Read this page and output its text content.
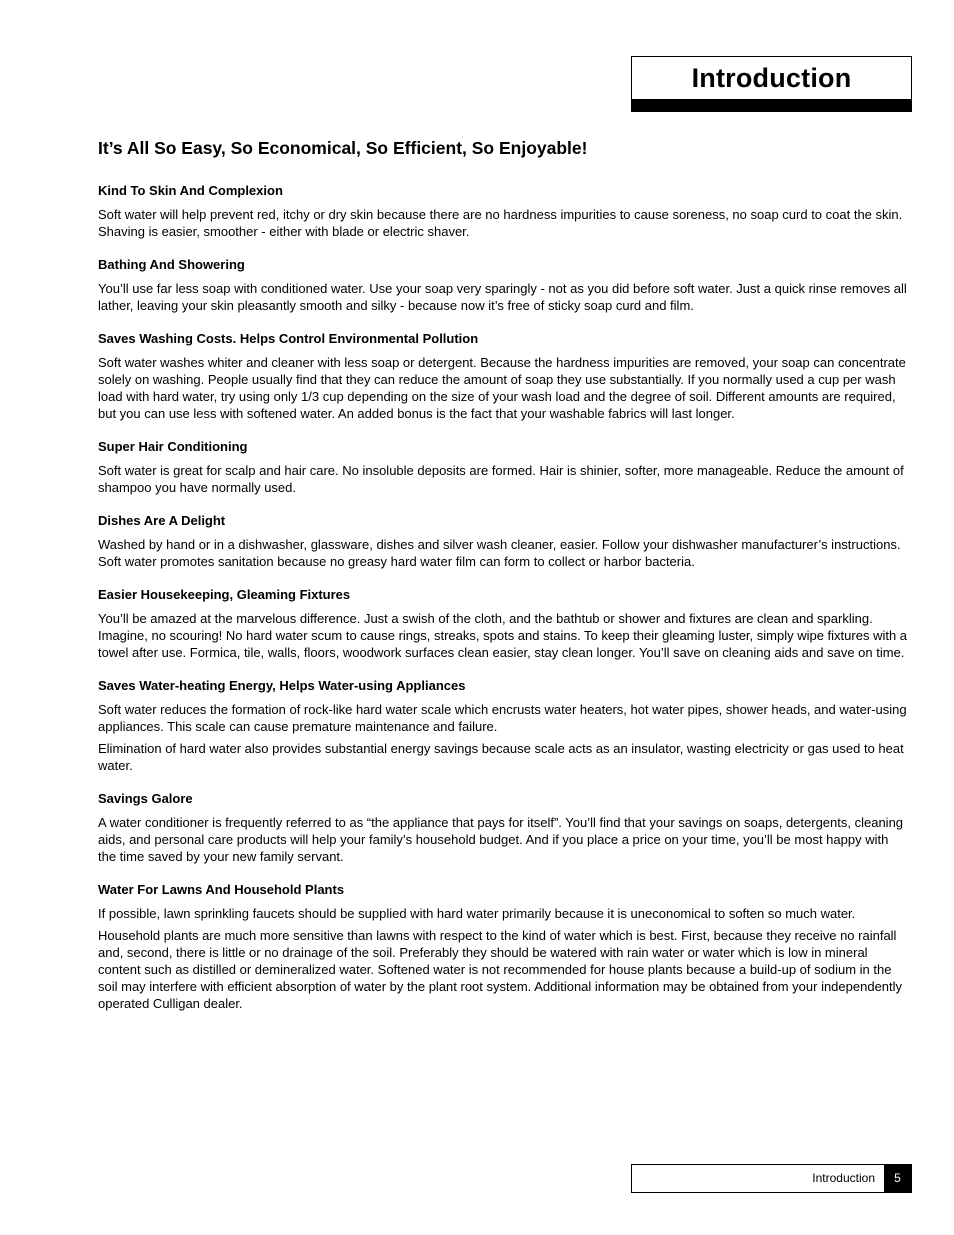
Introduction
It’s All So Easy, So Economical, So Efficient, So Enjoyable!
Kind To Skin And Complexion
Soft water will help prevent red, itchy or dry skin because there are no hardness impurities to cause soreness, no soap curd to coat the skin. Shaving is easier, smoother - either with blade or electric shaver.
Bathing And Showering
You’ll use far less soap with conditioned water. Use your soap very sparingly - not as you did before soft water. Just a quick rinse removes all lather, leaving your skin pleasantly smooth and silky - because now it’s free of sticky soap curd and film.
Saves Washing Costs. Helps Control Environmental Pollution
Soft water washes whiter and cleaner with less soap or detergent. Because the hardness impurities are removed, your soap can concentrate solely on washing. People usually find that they can reduce the amount of soap they use substantially. If you normally used a cup per wash load with hard water, try using only 1/3 cup depending on the size of your wash load and the degree of soil. Different amounts are required, but you can use less with softened water. An added bonus is the fact that your washable fabrics will last longer.
Super Hair Conditioning
Soft water is great for scalp and hair care. No insoluble deposits are formed. Hair is shinier, softer, more manageable. Reduce the amount of shampoo you have normally used.
Dishes Are A Delight
Washed by hand or in a dishwasher, glassware, dishes and silver wash cleaner, easier. Follow your dishwasher manufacturer’s instructions. Soft water promotes sanitation because no greasy hard water film can form to collect or harbor bacteria.
Easier Housekeeping, Gleaming Fixtures
You’ll be amazed at the marvelous difference. Just a swish of the cloth, and the bathtub or shower and fixtures are clean and sparkling. Imagine, no scouring! No hard water scum to cause rings, streaks, spots and stains. To keep their gleaming luster, simply wipe fixtures with a towel after use. Formica, tile, walls, floors, woodwork surfaces clean easier, stay clean longer. You’ll save on cleaning aids and save on time.
Saves Water-heating Energy, Helps Water-using Appliances
Soft water reduces the formation of rock-like hard water scale which encrusts water heaters, hot water pipes, shower heads, and water-using appliances. This scale can cause premature maintenance and failure.
Elimination of hard water also provides substantial energy savings because scale acts as an insulator, wasting electricity or gas used to heat water.
Savings Galore
A water conditioner is frequently referred to as “the appliance that pays for itself”. You’ll find that your savings on soaps, detergents, cleaning aids, and personal care products will help your family’s household budget. And if you place a price on your time, you’ll be most happy with the time saved by your new family servant.
Water For Lawns And Household Plants
If possible, lawn sprinkling faucets should be supplied with hard water primarily because it is uneconomical to soften so much water.
Household plants are much more sensitive than lawns with respect to the kind of water which is best. First, because they receive no rainfall and, second, there is little or no drainage of the soil. Preferably they should be watered with rain water or water which is low in mineral content such as distilled or demineralized water. Softened water is not recommended for house plants because a build-up of sodium in the soil may interfere with efficient absorption of water by the plant root system. Additional information may be obtained from your independently operated Culligan dealer.
Introduction	5
